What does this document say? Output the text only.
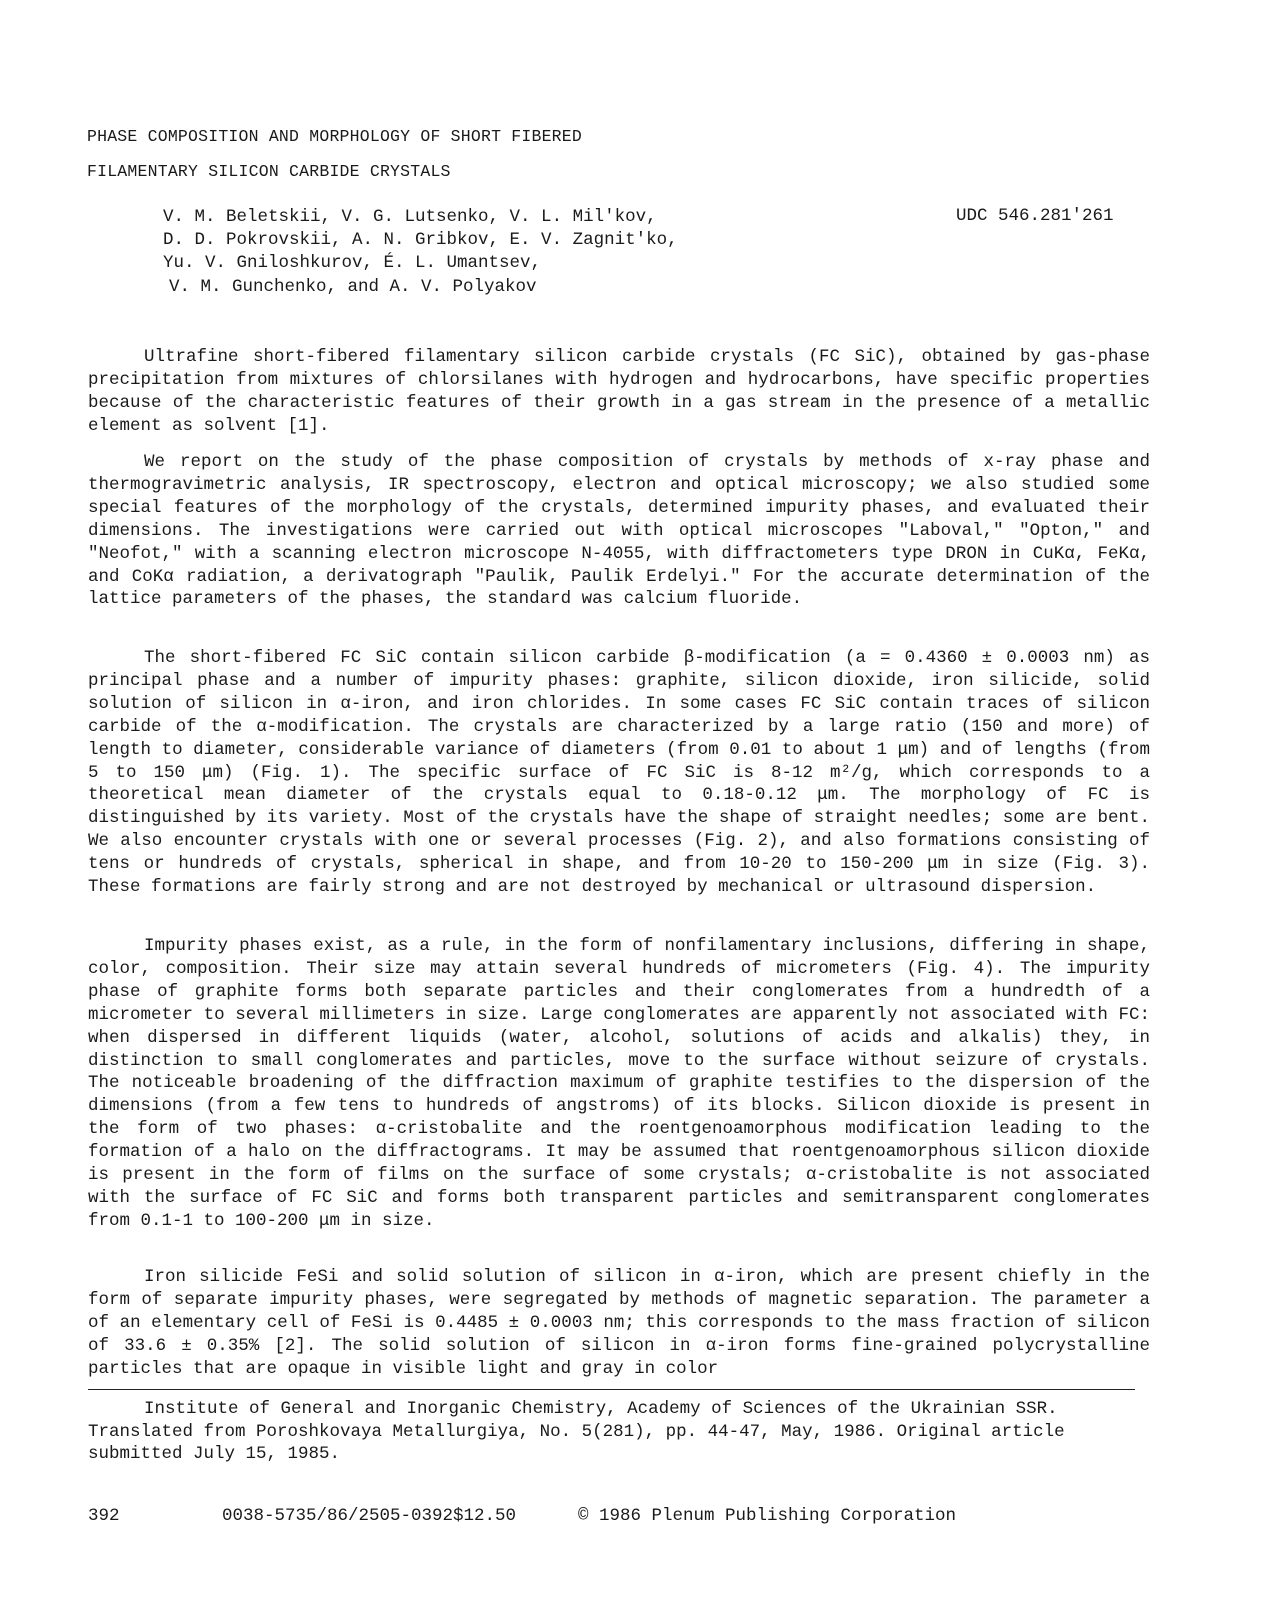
PHASE COMPOSITION AND MORPHOLOGY OF SHORT FIBERED
FILAMENTARY SILICON CARBIDE CRYSTALS
V. M. Beletskii, V. G. Lutsenko, V. L. Mil'kov,
D. D. Pokrovskii, A. N. Gribkov, E. V. Zagnit'ko,
Yu. V. Gniloshkurov, É. L. Umantsev,
V. M. Gunchenko, and A. V. Polyakov
UDC 546.281'261

Ultrafine short-fibered filamentary silicon carbide crystals (FC SiC), obtained by gas-phase precipitation from mixtures of chlorsilanes with hydrogen and hydrocarbons, have specific properties because of the characteristic features of their growth in a gas stream in the presence of a metallic element as solvent [1].

We report on the study of the phase composition of crystals by methods of x-ray phase and thermogravimetric analysis, IR spectroscopy, electron and optical microscopy; we also studied some special features of the morphology of the crystals, determined impurity phases, and evaluated their dimensions. The investigations were carried out with optical microscopes "Laboval," "Opton," and "Neofot," with a scanning electron microscope N-4055, with diffractometers type DRON in CuKα, FeKα, and CoKα radiation, a derivatograph "Paulik, Paulik Erdelyi." For the accurate determination of the lattice parameters of the phases, the standard was calcium fluoride.

The short-fibered FC SiC contain silicon carbide β-modification (a = 0.4360 ± 0.0003 nm) as principal phase and a number of impurity phases: graphite, silicon dioxide, iron silicide, solid solution of silicon in α-iron, and iron chlorides. In some cases FC SiC contain traces of silicon carbide of the α-modification. The crystals are characterized by a large ratio (150 and more) of length to diameter, considerable variance of diameters (from 0.01 to about 1 μm) and of lengths (from 5 to 150 μm) (Fig. 1). The specific surface of FC SiC is 8-12 m²/g, which corresponds to a theoretical mean diameter of the crystals equal to 0.18-0.12 μm. The morphology of FC is distinguished by its variety. Most of the crystals have the shape of straight needles; some are bent. We also encounter crystals with one or several processes (Fig. 2), and also formations consisting of tens or hundreds of crystals, spherical in shape, and from 10-20 to 150-200 μm in size (Fig. 3). These formations are fairly strong and are not destroyed by mechanical or ultrasound dispersion.

Impurity phases exist, as a rule, in the form of nonfilamentary inclusions, differing in shape, color, composition. Their size may attain several hundreds of micrometers (Fig. 4). The impurity phase of graphite forms both separate particles and their conglomerates from a hundredth of a micrometer to several millimeters in size. Large conglomerates are apparently not associated with FC: when dispersed in different liquids (water, alcohol, solutions of acids and alkalis) they, in distinction to small conglomerates and particles, move to the surface without seizure of crystals. The noticeable broadening of the diffraction maximum of graphite testifies to the dispersion of the dimensions (from a few tens to hundreds of angstroms) of its blocks. Silicon dioxide is present in the form of two phases: α-cristobalite and the roentgenoamorphous modification leading to the formation of a halo on the diffractograms. It may be assumed that roentgenoamorphous silicon dioxide is present in the form of films on the surface of some crystals; α-cristobalite is not associated with the surface of FC SiC and forms both transparent particles and semitransparent conglomerates from 0.1-1 to 100-200 μm in size.

Iron silicide FeSi and solid solution of silicon in α-iron, which are present chiefly in the form of separate impurity phases, were segregated by methods of magnetic separation. The parameter a of an elementary cell of FeSi is 0.4485 ± 0.0003 nm; this corresponds to the mass fraction of silicon of 33.6 ± 0.35% [2]. The solid solution of silicon in α-iron forms fine-grained polycrystalline particles that are opaque in visible light and gray in color

Institute of General and Inorganic Chemistry, Academy of Sciences of the Ukrainian SSR. Translated from Poroshkovaya Metallurgiya, No. 5(281), pp. 44-47, May, 1986. Original article submitted July 15, 1985.

392	0038-5735/86/2505-0392$12.50	© 1986 Plenum Publishing Corporation
